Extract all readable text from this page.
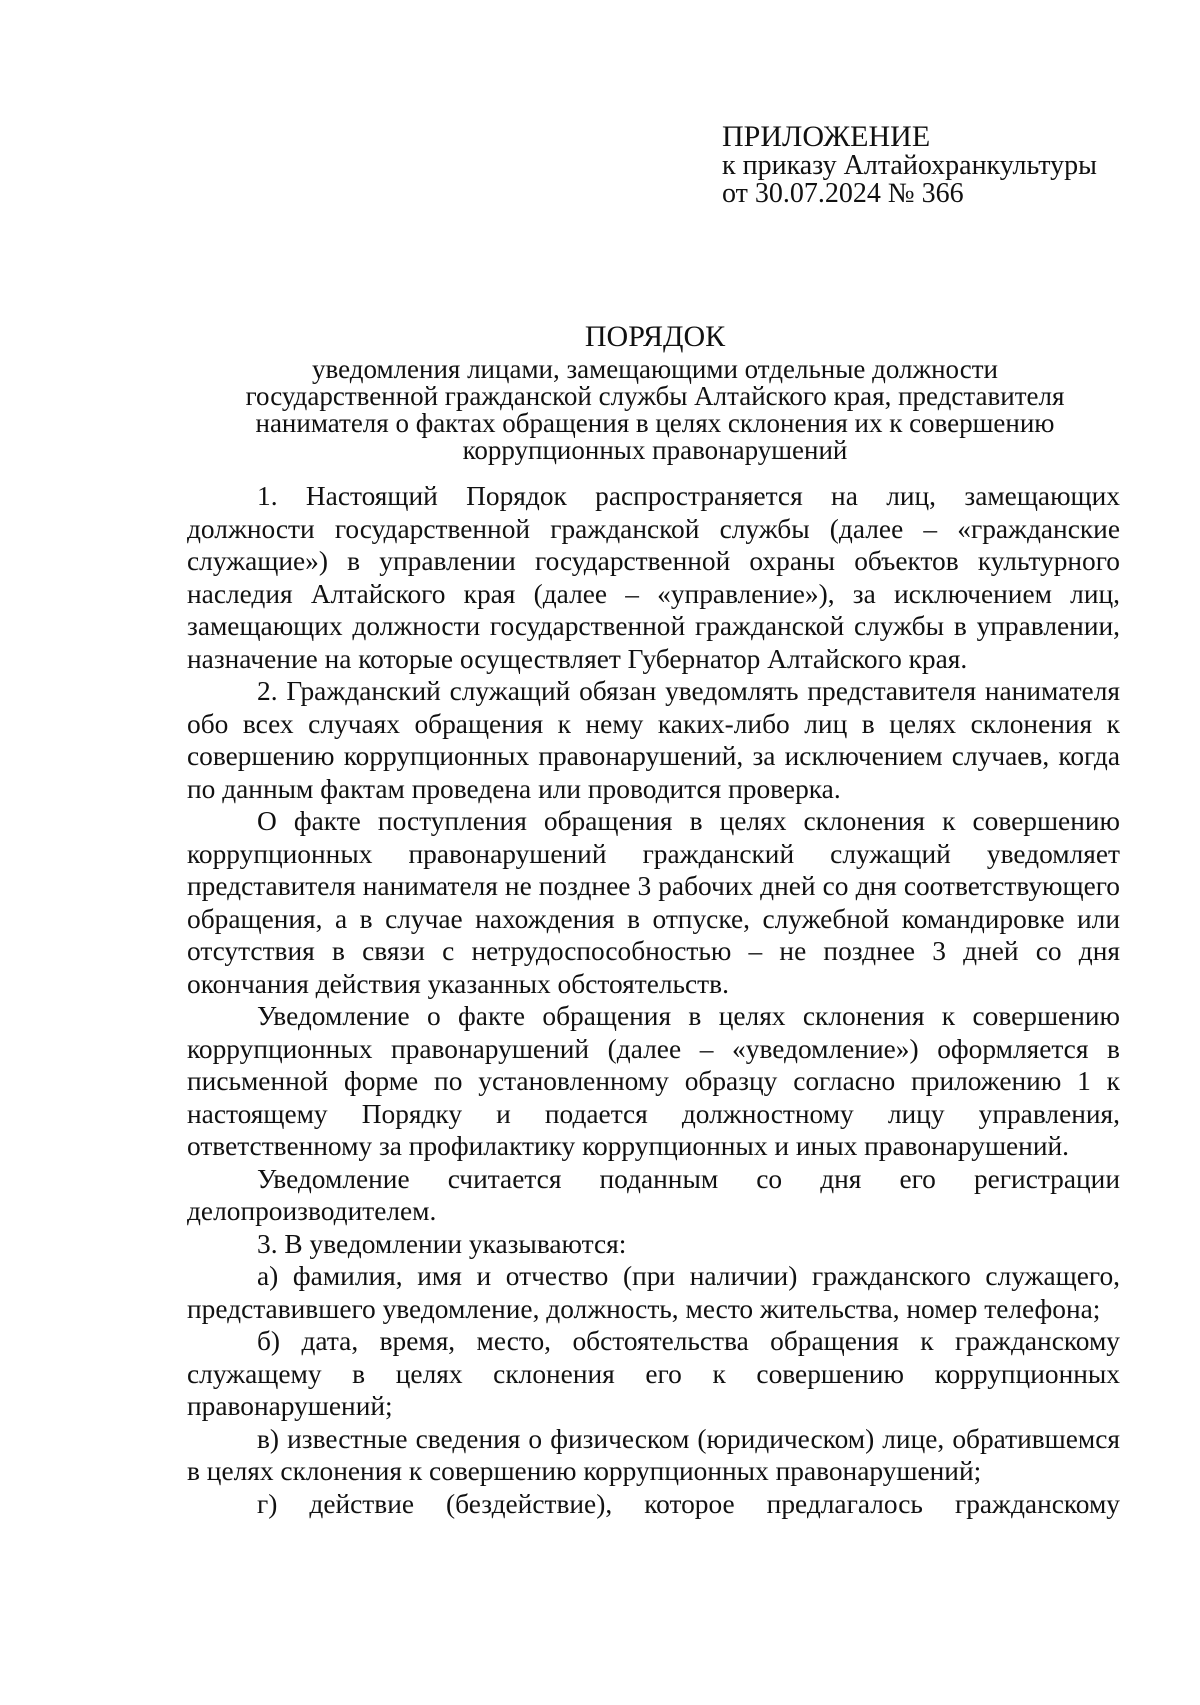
ПРИЛОЖЕНИЕ
к приказу Алтайохранкультуры
от 30.07.2024 № 366
ПОРЯДОК
уведомления лицами, замещающими отдельные должности
государственной гражданской службы Алтайского края, представителя
нанимателя о фактах обращения в целях склонения их к совершению
коррупционных правонарушений

1. Настоящий Порядок распространяется на лиц, замещающих должности государственной гражданской службы (далее – «гражданские служащие») в управлении государственной охраны объектов культурного наследия Алтайского края (далее – «управление»), за исключением лиц, замещающих должности государственной гражданской службы в управлении, назначение на которые осуществляет Губернатор Алтайского края.

2. Гражданский служащий обязан уведомлять представителя нанимателя обо всех случаях обращения к нему каких-либо лиц в целях склонения к совершению коррупционных правонарушений, за исключением случаев, когда по данным фактам проведена или проводится проверка.

О факте поступления обращения в целях склонения к совершению коррупционных правонарушений гражданский служащий уведомляет представителя нанимателя не позднее 3 рабочих дней со дня соответствующего обращения, а в случае нахождения в отпуске, служебной командировке или отсутствия в связи с нетрудоспособностью – не позднее 3 дней со дня окончания действия указанных обстоятельств.

Уведомление о факте обращения в целях склонения к совершению коррупционных правонарушений (далее – «уведомление») оформляется в письменной форме по установленному образцу согласно приложению 1 к настоящему Порядку и подается должностному лицу управления, ответственному за профилактику коррупционных и иных правонарушений.

Уведомление считается поданным со дня его регистрации делопроизводителем.

3. В уведомлении указываются:

а) фамилия, имя и отчество (при наличии) гражданского служащего, представившего уведомление, должность, место жительства, номер телефона;

б) дата, время, место, обстоятельства обращения к гражданскому служащему в целях склонения его к совершению коррупционных правонарушений;

в) известные сведения о физическом (юридическом) лице, обратившемся в целях склонения к совершению коррупционных правонарушений;

г) действие (бездействие), которое предлагалось гражданскому
